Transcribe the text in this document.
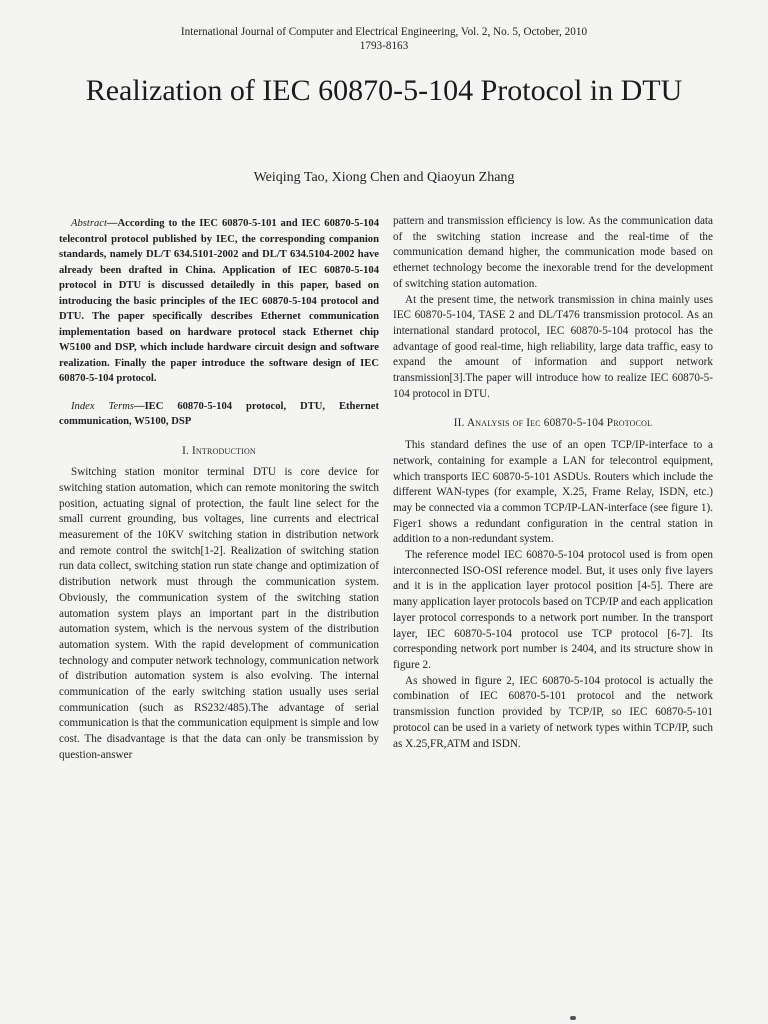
International Journal of Computer and Electrical Engineering, Vol. 2, No. 5, October, 2010
1793-8163
Realization of IEC 60870-5-104 Protocol in DTU
Weiqing Tao, Xiong Chen and Qiaoyun Zhang

Abstract—According to the IEC 60870-5-101 and IEC 60870-5-104 telecontrol protocol published by IEC, the corresponding companion standards, namely DL/T 634.5101-2002 and DL/T 634.5104-2002 have already been drafted in China. Application of IEC 60870-5-104 protocol in DTU is discussed detailedly in this paper, based on introducing the basic principles of the IEC 60870-5-104 protocol and DTU. The paper specifically describes Ethernet communication implementation based on hardware protocol stack Ethernet chip W5100 and DSP, which include hardware circuit design and software realization. Finally the paper introduce the software design of IEC 60870-5-104 protocol.

Index Terms—IEC 60870-5-104 protocol, DTU, Ethernet communication, W5100, DSP

I. Introduction

Switching station monitor terminal DTU is core device for switching station automation, which can remote monitoring the switch position, actuating signal of protection, the fault line select for the small current grounding, bus voltages, line currents and electrical measurement of the 10KV switching station in distribution network and remote control the switch[1-2]. Realization of switching station run data collect, switching station run state change and optimization of distribution network must through the communication system. Obviously, the communication system of the switching station automation system plays an important part in the distribution automation system, which is the nervous system of the distribution automation system. With the rapid development of communication technology and computer network technology, communication network of distribution automation system is also evolving. The internal communication of the early switching station usually uses serial communication (such as RS232/485).The advantage of serial communication is that the communication equipment is simple and low cost. The disadvantage is that the data can only be transmission by question-answer

pattern and transmission efficiency is low. As the communication data of the switching station increase and the real-time of the communication demand higher, the communication mode based on ethernet technology become the inexorable trend for the development of switching station automation.

At the present time, the network transmission in china mainly uses IEC 60870-5-104, TASE 2 and DL/T476 transmission protocol. As an international standard protocol, IEC 60870-5-104 protocol has the advantage of good real-time, high reliability, large data traffic, easy to expand the amount of information and support network transmission[3].The paper will introduce how to realize IEC 60870-5-104 protocol in DTU.

II. Analysis of Iec 60870-5-104 Protocol

This standard defines the use of an open TCP/IP-interface to a network, containing for example a LAN for telecontrol equipment, which transports IEC 60870-5-101 ASDUs. Routers which include the different WAN-types (for example, X.25, Frame Relay, ISDN, etc.) may be connected via a common TCP/IP-LAN-interface (see figure 1). Figer1 shows a redundant configuration in the central station in addition to a non-redundant system.

The reference model IEC 60870-5-104 protocol used is from open interconnected ISO-OSI reference model. But, it uses only five layers and it is in the application layer protocol position [4-5]. There are many application layer protocols based on TCP/IP and each application layer protocol corresponds to a network port number. In the transport layer, IEC 60870-5-104 protocol use TCP protocol [6-7]. Its corresponding network port number is 2404, and its structure show in figure 2.

As showed in figure 2, IEC 60870-5-104 protocol is actually the combination of IEC 60870-5-101 protocol and the network transmission function provided by TCP/IP, so IEC 60870-5-101 protocol can be used in a variety of network types within TCP/IP, such as X.25,FR,ATM and ISDN.
